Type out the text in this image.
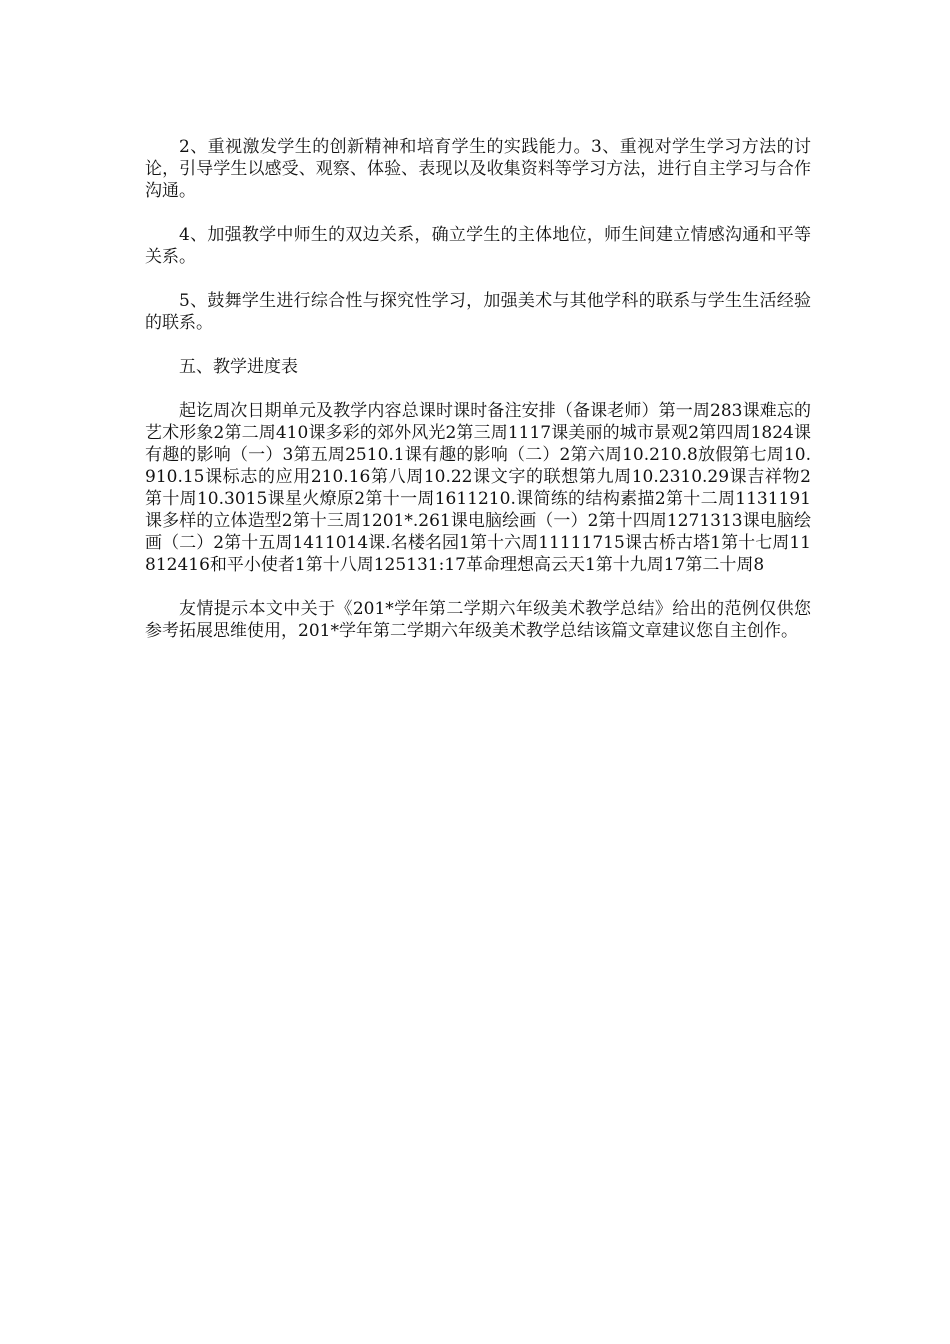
2、重视激发学生的创新精神和培育学生的实践能力。3、重视对学生学习方法的讨论，引导学生以感受、观察、体验、表现以及收集资料等学习方法，进行自主学习与合作沟通。

4、加强教学中师生的双边关系，确立学生的主体地位，师生间建立情感沟通和平等关系。

5、鼓舞学生进行综合性与探究性学习，加强美术与其他学科的联系与学生生活经验的联系。

五、教学进度表

起讫周次日期单元及教学内容总课时课时备注安排（备课老师）第一周283课难忘的艺术形象2第二周410课多彩的郊外风光2第三周1117课美丽的城市景观2第四周1824课有趣的影响（一）3第五周2510.1课有趣的影响（二）2第六周10.210.8放假第七周10.910.15课标志的应用210.16第八周10.22课文字的联想第九周10.2310.29课吉祥物2第十周10.3015课星火燎原2第十一周1611210.课简练的结构素描2第十二周1131191课多样的立体造型2第十三周1201*.261课电脑绘画（一）2第十四周1271313课电脑绘画（二）2第十五周1411014课.名楼名园1第十六周11111715课古桥古塔1第十七周11812416和平小使者1第十八周125131:17革命理想高云天1第十九周17第二十周8

友情提示本文中关于《201*学年第二学期六年级美术教学总结》给出的范例仅供您参考拓展思维使用，201*学年第二学期六年级美术教学总结该篇文章建议您自主创作。
